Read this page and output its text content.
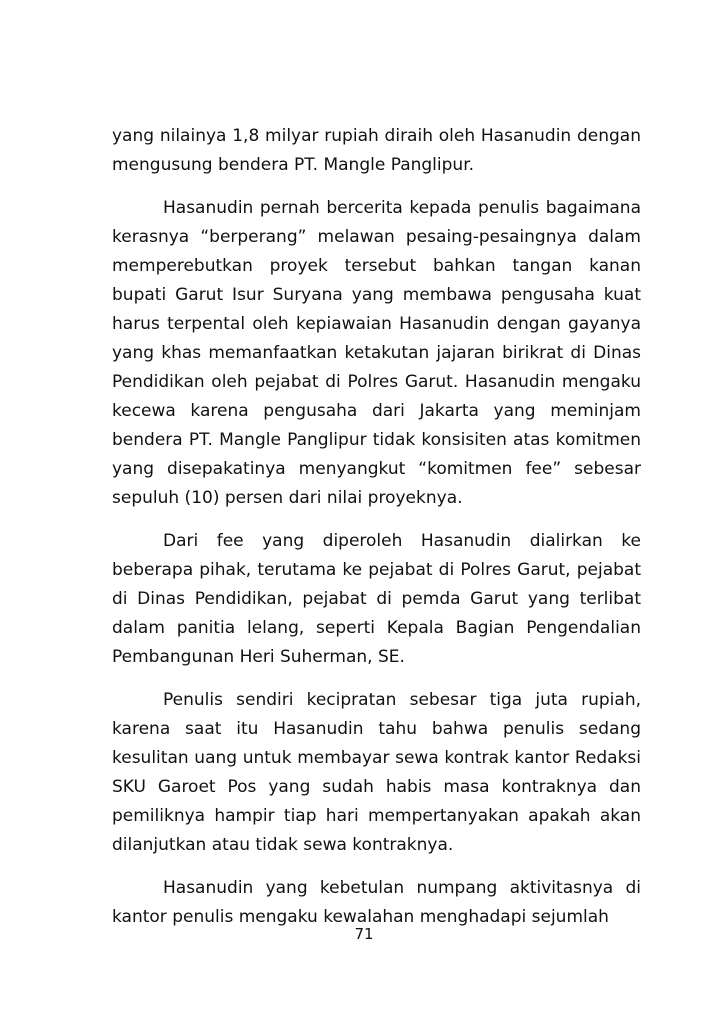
yang nilainya 1,8 milyar rupiah diraih oleh Hasanudin dengan mengusung bendera PT. Mangle Panglipur.

Hasanudin pernah bercerita kepada penulis bagaimana kerasnya “berperang” melawan pesaing-pesaingnya dalam memperebutkan proyek tersebut bahkan tangan kanan bupati Garut Isur Suryana yang membawa pengusaha kuat harus terpental oleh kepiawaian Hasanudin dengan gayanya yang khas memanfaatkan ketakutan jajaran birikrat di Dinas Pendidikan oleh pejabat di Polres Garut. Hasanudin mengaku kecewa karena pengusaha dari Jakarta yang meminjam bendera PT. Mangle Panglipur tidak konsisiten atas komitmen yang disepakatinya menyangkut “komitmen fee” sebesar sepuluh (10) persen dari nilai proyeknya.

Dari fee yang diperoleh Hasanudin dialirkan ke beberapa pihak, terutama ke pejabat di Polres Garut, pejabat di Dinas Pendidikan, pejabat di pemda Garut yang terlibat dalam panitia lelang, seperti Kepala Bagian Pengendalian Pembangunan Heri Suherman, SE.

Penulis sendiri kecipratan sebesar tiga juta rupiah, karena saat itu Hasanudin tahu bahwa penulis sedang kesulitan uang untuk membayar sewa kontrak kantor Redaksi SKU Garoet Pos yang sudah habis masa kontraknya dan pemiliknya hampir tiap hari mempertanyakan apakah akan dilanjutkan atau tidak sewa kontraknya.

Hasanudin yang kebetulan numpang aktivitasnya di kantor penulis mengaku kewalahan menghadapi sejumlah

71
